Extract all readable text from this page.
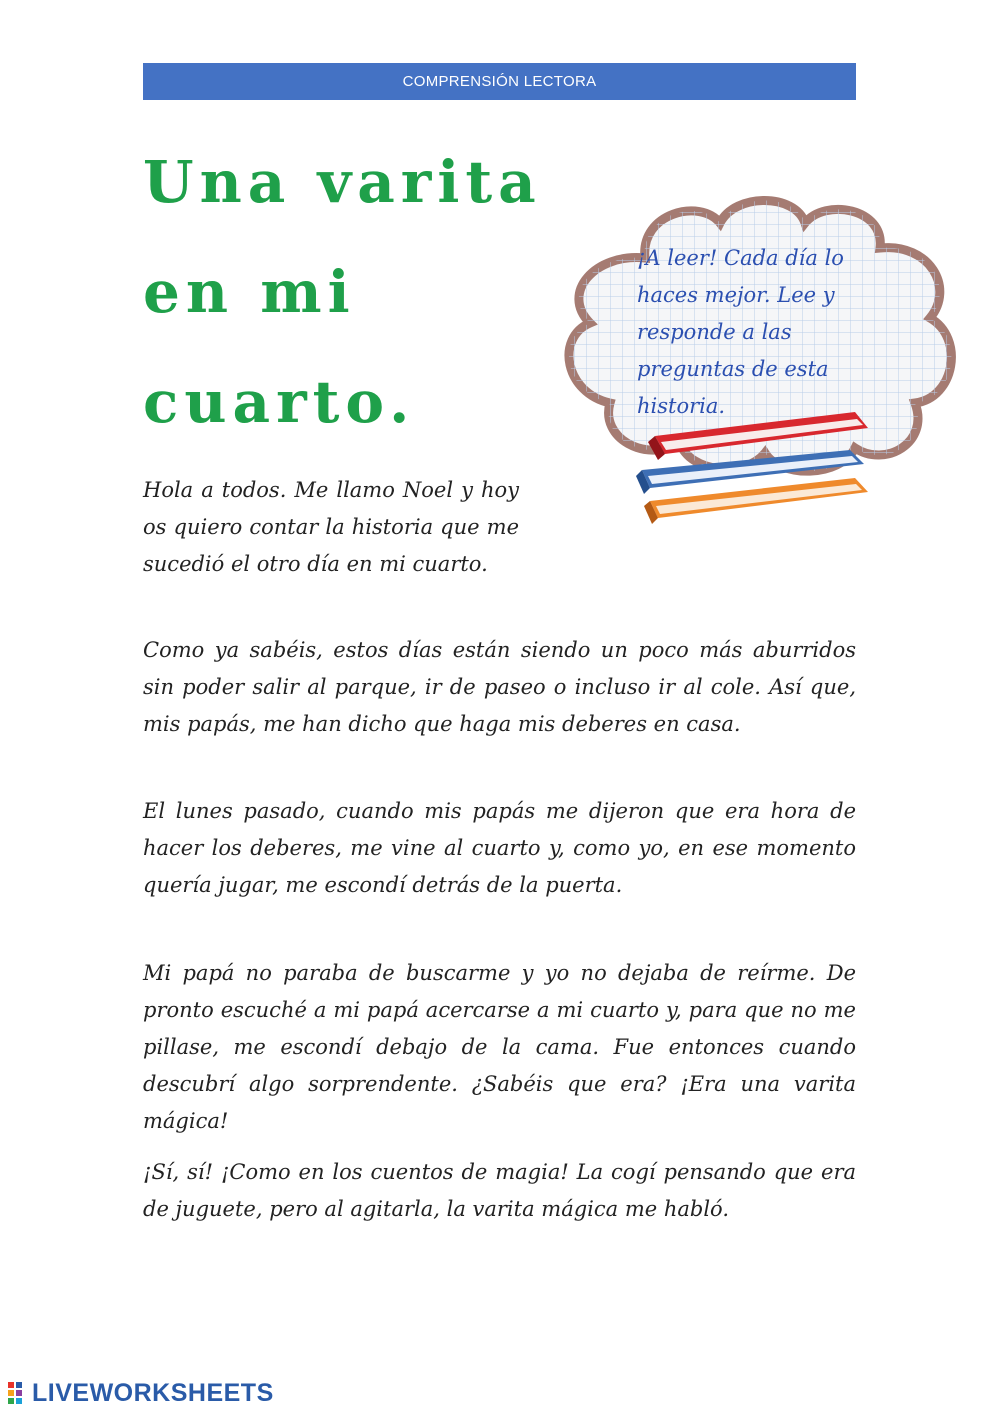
COMPRENSIÓN LECTORA
Una varita
en mi
cuarto.
¡A leer! Cada día lo haces mejor. Lee y responde a las preguntas de esta historia.
Hola a todos. Me llamo Noel y hoy os quiero contar la historia que me sucedió el otro día en mi cuarto.

Como ya sabéis, estos días están siendo un poco más aburridos sin poder salir al parque, ir de paseo o incluso ir al cole. Así que, mis papás, me han dicho que haga mis deberes en casa.

El lunes pasado, cuando mis papás me dijeron que era hora de hacer los deberes, me vine al cuarto y, como yo, en ese momento quería jugar, me escondí detrás de la puerta.

Mi papá no paraba de buscarme y yo no dejaba de reírme. De pronto escuché a mi papá acercarse a mi cuarto y, para que no me pillase, me escondí debajo de la cama. Fue entonces cuando descubrí algo sorprendente. ¿Sabéis que era? ¡Era una varita mágica!

¡Sí, sí! ¡Como en los cuentos de magia! La cogí pensando que era de juguete, pero al agitarla, la varita mágica me habló.

LIVEWORKSHEETS
